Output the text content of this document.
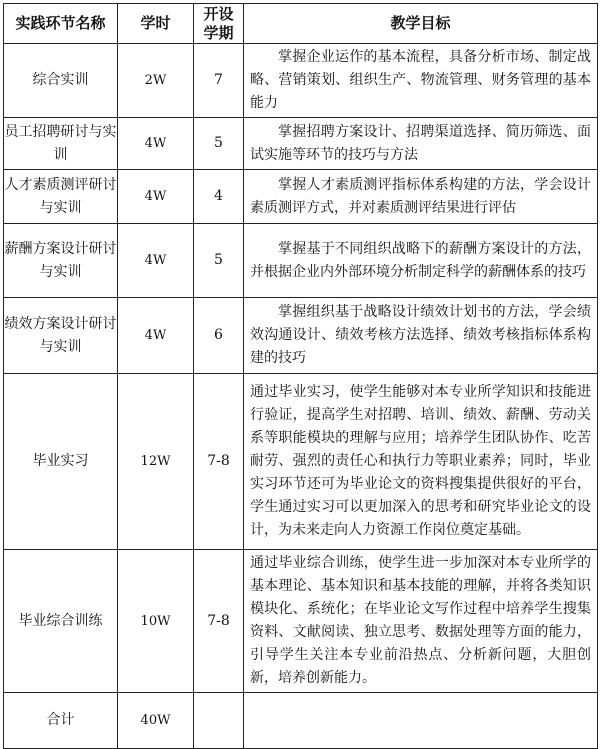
实践环节名称	学时	开设学期	教学目标
综合实训	2W	7	掌握企业运作的基本流程，具备分析市场、制定战略、营销策划、组织生产、物流管理、财务管理的基本能力
员工招聘研讨与实训	4W	5	掌握招聘方案设计、招聘渠道选择、简历筛选、面试实施等环节的技巧与方法
人才素质测评研讨与实训	4W	4	掌握人才素质测评指标体系构建的方法，学会设计素质测评方式，并对素质测评结果进行评估
薪酬方案设计研讨与实训	4W	5	掌握基于不同组织战略下的薪酬方案设计的方法，并根据企业内外部环境分析制定科学的薪酬体系的技巧
绩效方案设计研讨与实训	4W	6	掌握组织基于战略设计绩效计划书的方法，学会绩效沟通设计、绩效考核方法选择、绩效考核指标体系构建的技巧
毕业实习	12W	7-8	通过毕业实习，使学生能够对本专业所学知识和技能进行验证，提高学生对招聘、培训、绩效、薪酬、劳动关系等职能模块的理解与应用；培养学生团队协作、吃苦耐劳、强烈的责任心和执行力等职业素养；同时，毕业实习环节还可为毕业论文的资料搜集提供很好的平台，学生通过实习可以更加深入的思考和研究毕业论文的设计，为未来走向人力资源工作岗位奠定基础。
毕业综合训练	10W	7-8	通过毕业综合训练，使学生进一步加深对本专业所学的基本理论、基本知识和基本技能的理解，并将各类知识模块化、系统化；在毕业论文写作过程中培养学生搜集资料、文献阅读、独立思考、数据处理等方面的能力，引导学生关注本专业前沿热点、分析新问题，大胆创新，培养创新能力。
合计	40W		
